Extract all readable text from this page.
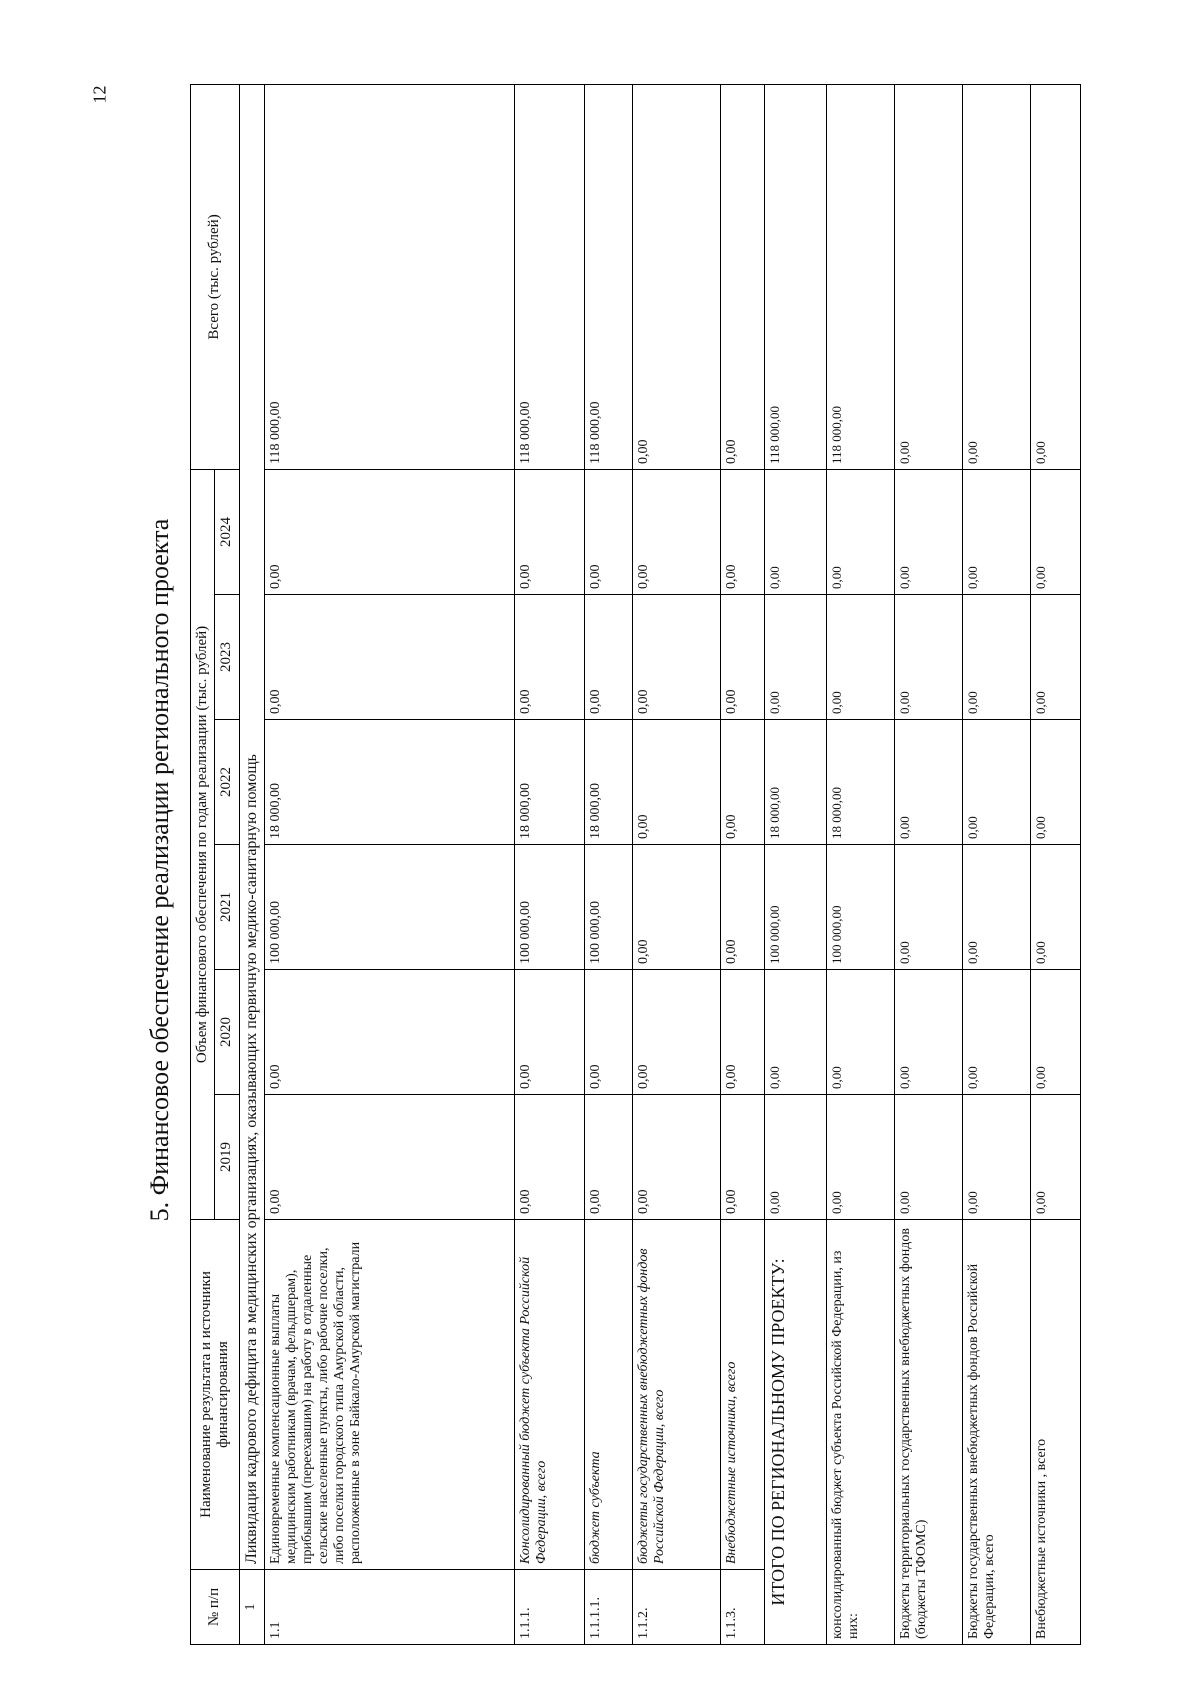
12
5. Финансовое обеспечение реализации регионального проекта
№ п/п	Наименование результата и источники финансирования	Объем финансового обеспечения по годам реализации (тыс. рублей)						Всего (тыс. рублей)
		2019	2020	2021	2022	2023	2024	
1	Ликвидация кадрового дефицита в медицинских организациях, оказывающих первичную медико-санитарную помощь							
1.1	Единовременные компенсационные выплаты медицинским работникам (врачам, фельдшерам), прибывшим (переехавшим) на работу в отдаленные сельские населенные пункты, либо рабочие поселки, либо поселки городского типа Амурской области, расположенные в зоне Байкало-Амурской магистрали	0,00	0,00	100 000,00	18 000,00	0,00	0,00	118 000,00
1.1.1.	Консолидированный бюджет субъекта Российской Федерации, всего	0,00	0,00	100 000,00	18 000,00	0,00	0,00	118 000,00
1.1.1.1.	бюджет субъекта	0,00	0,00	100 000,00	18 000,00	0,00	0,00	118 000,00
1.1.2.	бюджеты государственных внебюджетных фондов Российской Федерации, всего	0,00	0,00	0,00	0,00	0,00	0,00	0,00
1.1.3.	Внебюджетные источники, всего	0,00	0,00	0,00	0,00	0,00	0,00	0,00
ИТОГО ПО РЕГИОНАЛЬНОМУ ПРОЕКТУ:		0,00	0,00	100 000,00	18 000,00	0,00	0,00	118 000,00
консолидированный бюджет субъекта Российской Федерации, из них:		0,00	0,00	100 000,00	18 000,00	0,00	0,00	118 000,00
Бюджеты территориальных государственных внебюджетных фондов (бюджеты ТФОМС)		0,00	0,00	0,00	0,00	0,00	0,00	0,00
Бюджеты государственных внебюджетных фондов Российской Федерации, всего		0,00	0,00	0,00	0,00	0,00	0,00	0,00
Внебюджетные источники , всего		0,00	0,00	0,00	0,00	0,00	0,00	0,00
